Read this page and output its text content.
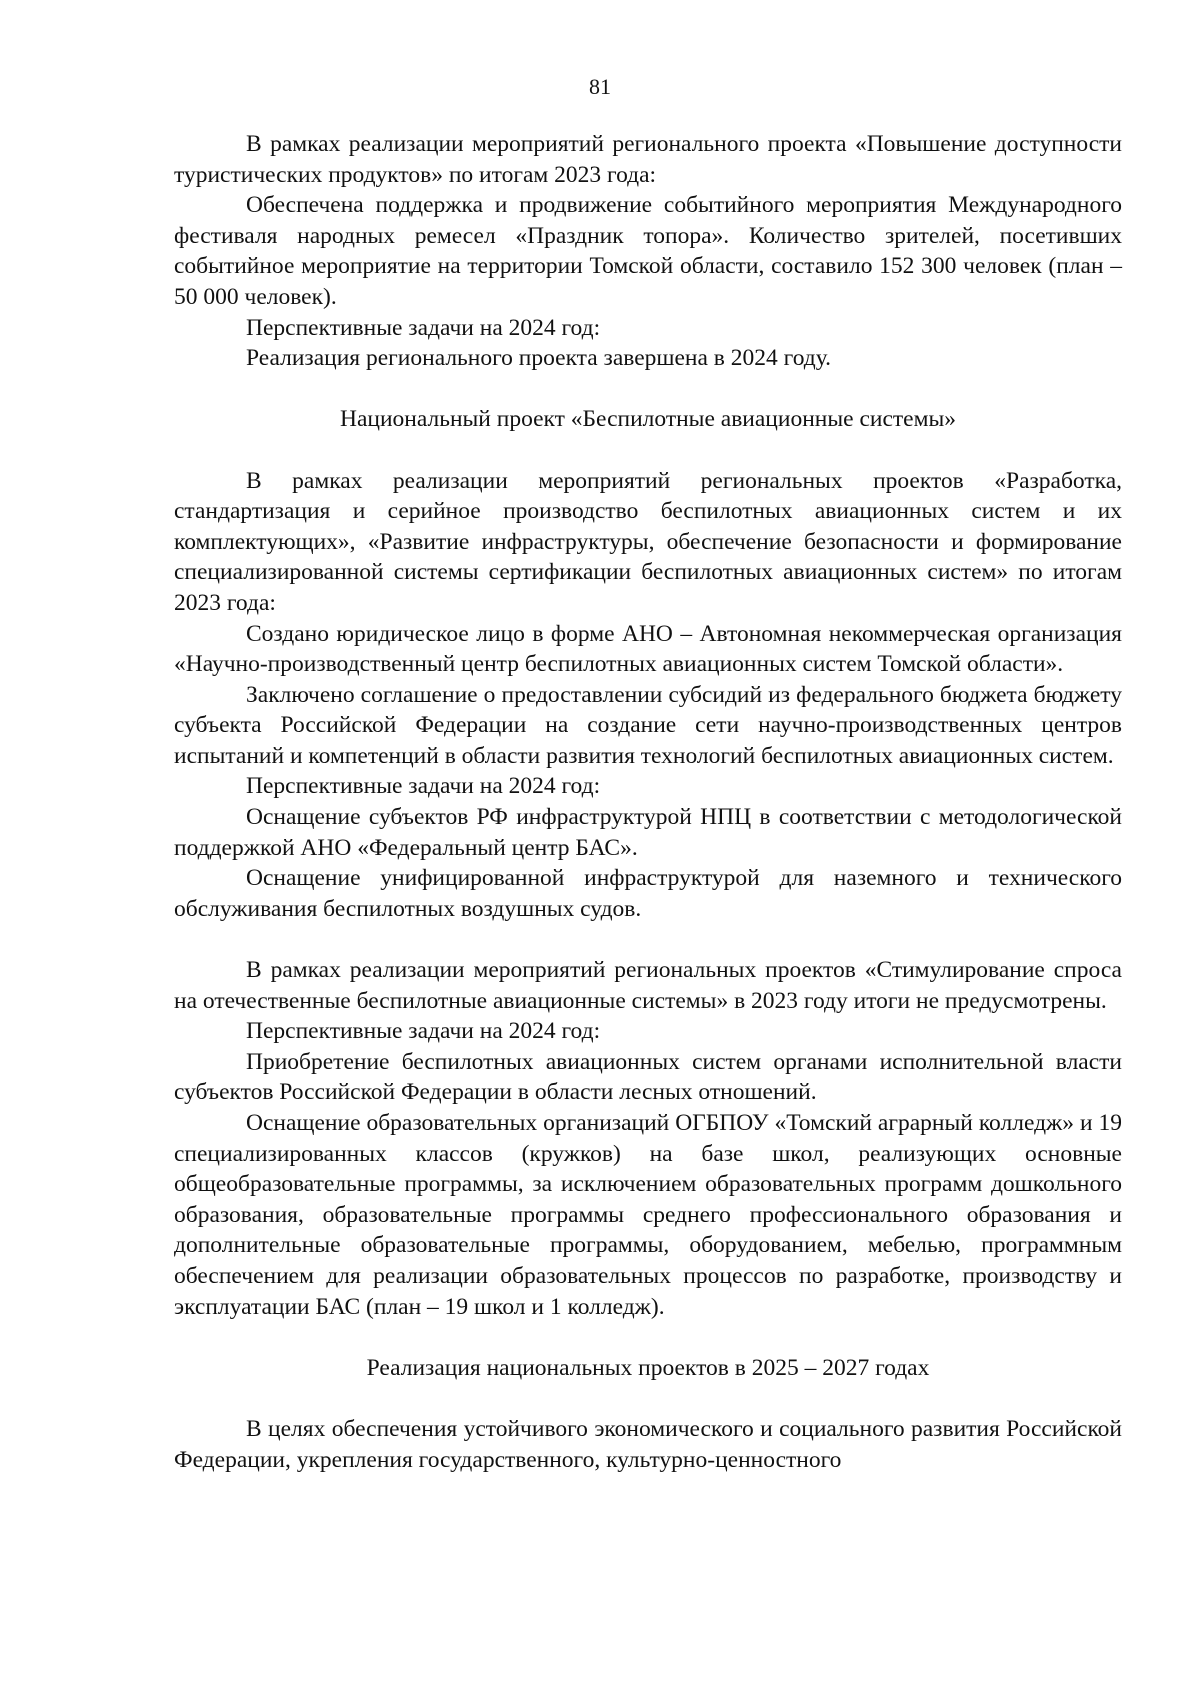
81

В рамках реализации мероприятий регионального проекта «Повышение доступности туристических продуктов» по итогам 2023 года:

Обеспечена поддержка и продвижение событийного мероприятия Международного фестиваля народных ремесел «Праздник топора». Количество зрителей, посетивших событийное мероприятие на территории Томской области, составило 152 300 человек (план – 50 000 человек).

Перспективные задачи на 2024 год:

Реализация регионального проекта завершена в 2024 году.

Национальный проект «Беспилотные авиационные системы»

В рамках реализации мероприятий региональных проектов «Разработка, стандартизация и серийное производство беспилотных авиационных систем и их комплектующих», «Развитие инфраструктуры, обеспечение безопасности и формирование специализированной системы сертификации беспилотных авиационных систем» по итогам 2023 года:

Создано юридическое лицо в форме АНО – Автономная некоммерческая организация «Научно-производственный центр беспилотных авиационных систем Томской области».

Заключено соглашение о предоставлении субсидий из федерального бюджета бюджету субъекта Российской Федерации на создание сети научно-производственных центров испытаний и компетенций в области развития технологий беспилотных авиационных систем.

Перспективные задачи на 2024 год:

Оснащение субъектов РФ инфраструктурой НПЦ в соответствии с методологической поддержкой АНО «Федеральный центр БАС».

Оснащение унифицированной инфраструктурой для наземного и технического обслуживания беспилотных воздушных судов.

В рамках реализации мероприятий региональных проектов «Стимулирование спроса на отечественные беспилотные авиационные системы» в 2023 году итоги не предусмотрены.

Перспективные задачи на 2024 год:

Приобретение беспилотных авиационных систем органами исполнительной власти субъектов Российской Федерации в области лесных отношений.

Оснащение образовательных организаций ОГБПОУ «Томский аграрный колледж» и 19 специализированных классов (кружков) на базе школ, реализующих основные общеобразовательные программы, за исключением образовательных программ дошкольного образования, образовательные программы среднего профессионального образования и дополнительные образовательные программы, оборудованием, мебелью, программным обеспечением для реализации образовательных процессов по разработке, производству и эксплуатации БАС (план – 19 школ и 1 колледж).

Реализация национальных проектов в 2025 – 2027 годах

В целях обеспечения устойчивого экономического и социального развития Российской Федерации, укрепления государственного, культурно-ценностного
